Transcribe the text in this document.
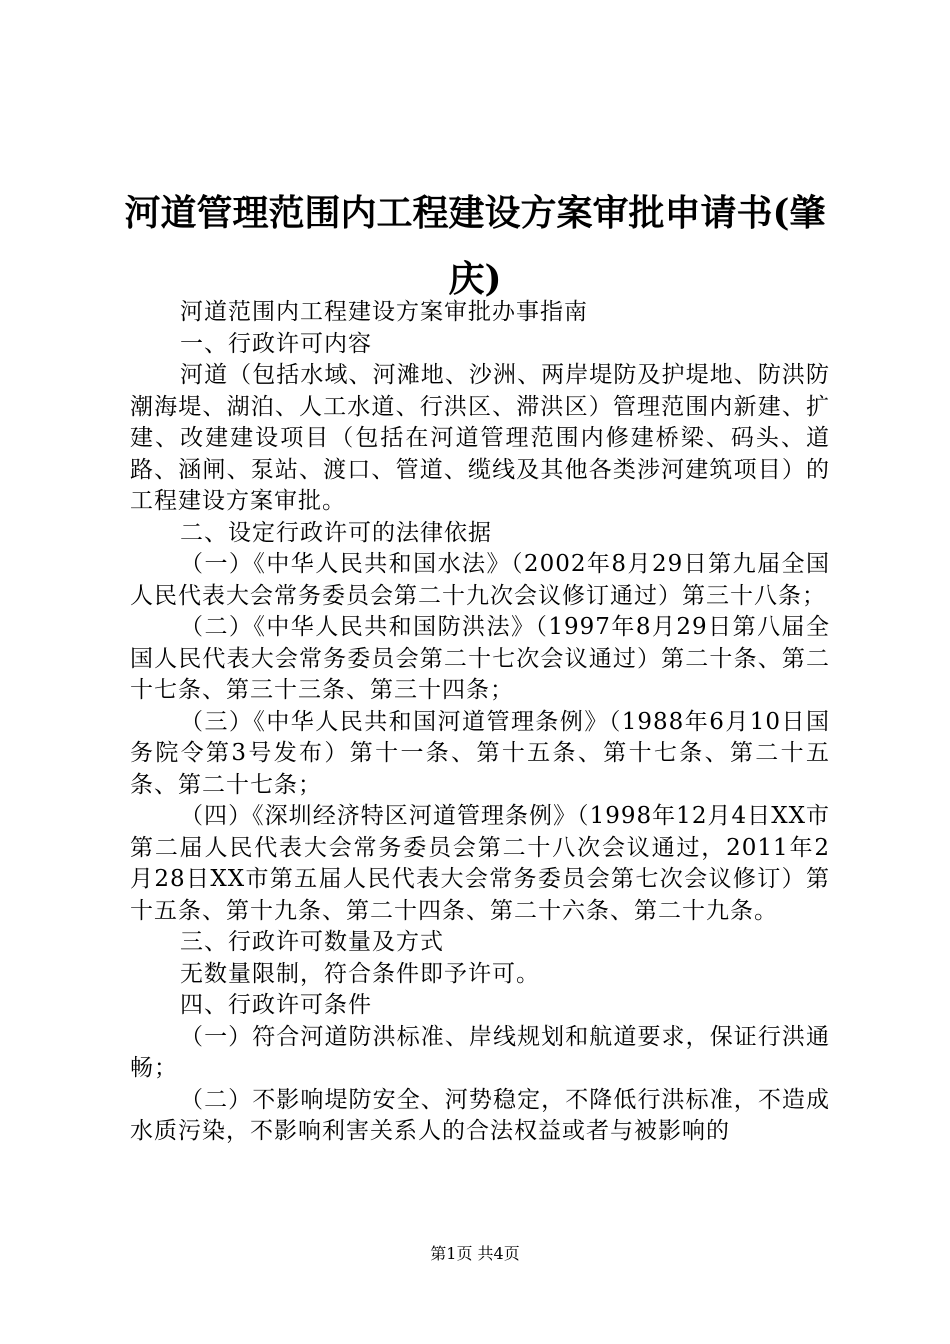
河道管理范围内工程建设方案审批申请书(肇庆)

河道范围内工程建设方案审批办事指南

一、行政许可内容

河道（包括水域、河滩地、沙洲、两岸堤防及护堤地、防洪防潮海堤、湖泊、人工水道、行洪区、滞洪区）管理范围内新建、扩建、改建建设项目（包括在河道管理范围内修建桥梁、码头、道路、涵闸、泵站、渡口、管道、缆线及其他各类涉河建筑项目）的工程建设方案审批。

二、设定行政许可的法律依据

（一）《中华人民共和国水法》（2002年8月29日第九届全国人民代表大会常务委员会第二十九次会议修订通过）第三十八条；

（二）《中华人民共和国防洪法》（1997年8月29日第八届全国人民代表大会常务委员会第二十七次会议通过）第二十条、第二十七条、第三十三条、第三十四条；

（三）《中华人民共和国河道管理条例》（1988年6月10日国务院令第3号发布）第十一条、第十五条、第十七条、第二十五条、第二十七条；

（四）《深圳经济特区河道管理条例》（1998年12月4日XX市第二届人民代表大会常务委员会第二十八次会议通过，2011年2月28日XX市第五届人民代表大会常务委员会第七次会议修订）第十五条、第十九条、第二十四条、第二十六条、第二十九条。

三、行政许可数量及方式

无数量限制，符合条件即予许可。

四、行政许可条件

（一）符合河道防洪标准、岸线规划和航道要求，保证行洪通畅；

（二）不影响堤防安全、河势稳定，不降低行洪标准，不造成水质污染，不影响利害关系人的合法权益或者与被影响的

第1页 共4页
